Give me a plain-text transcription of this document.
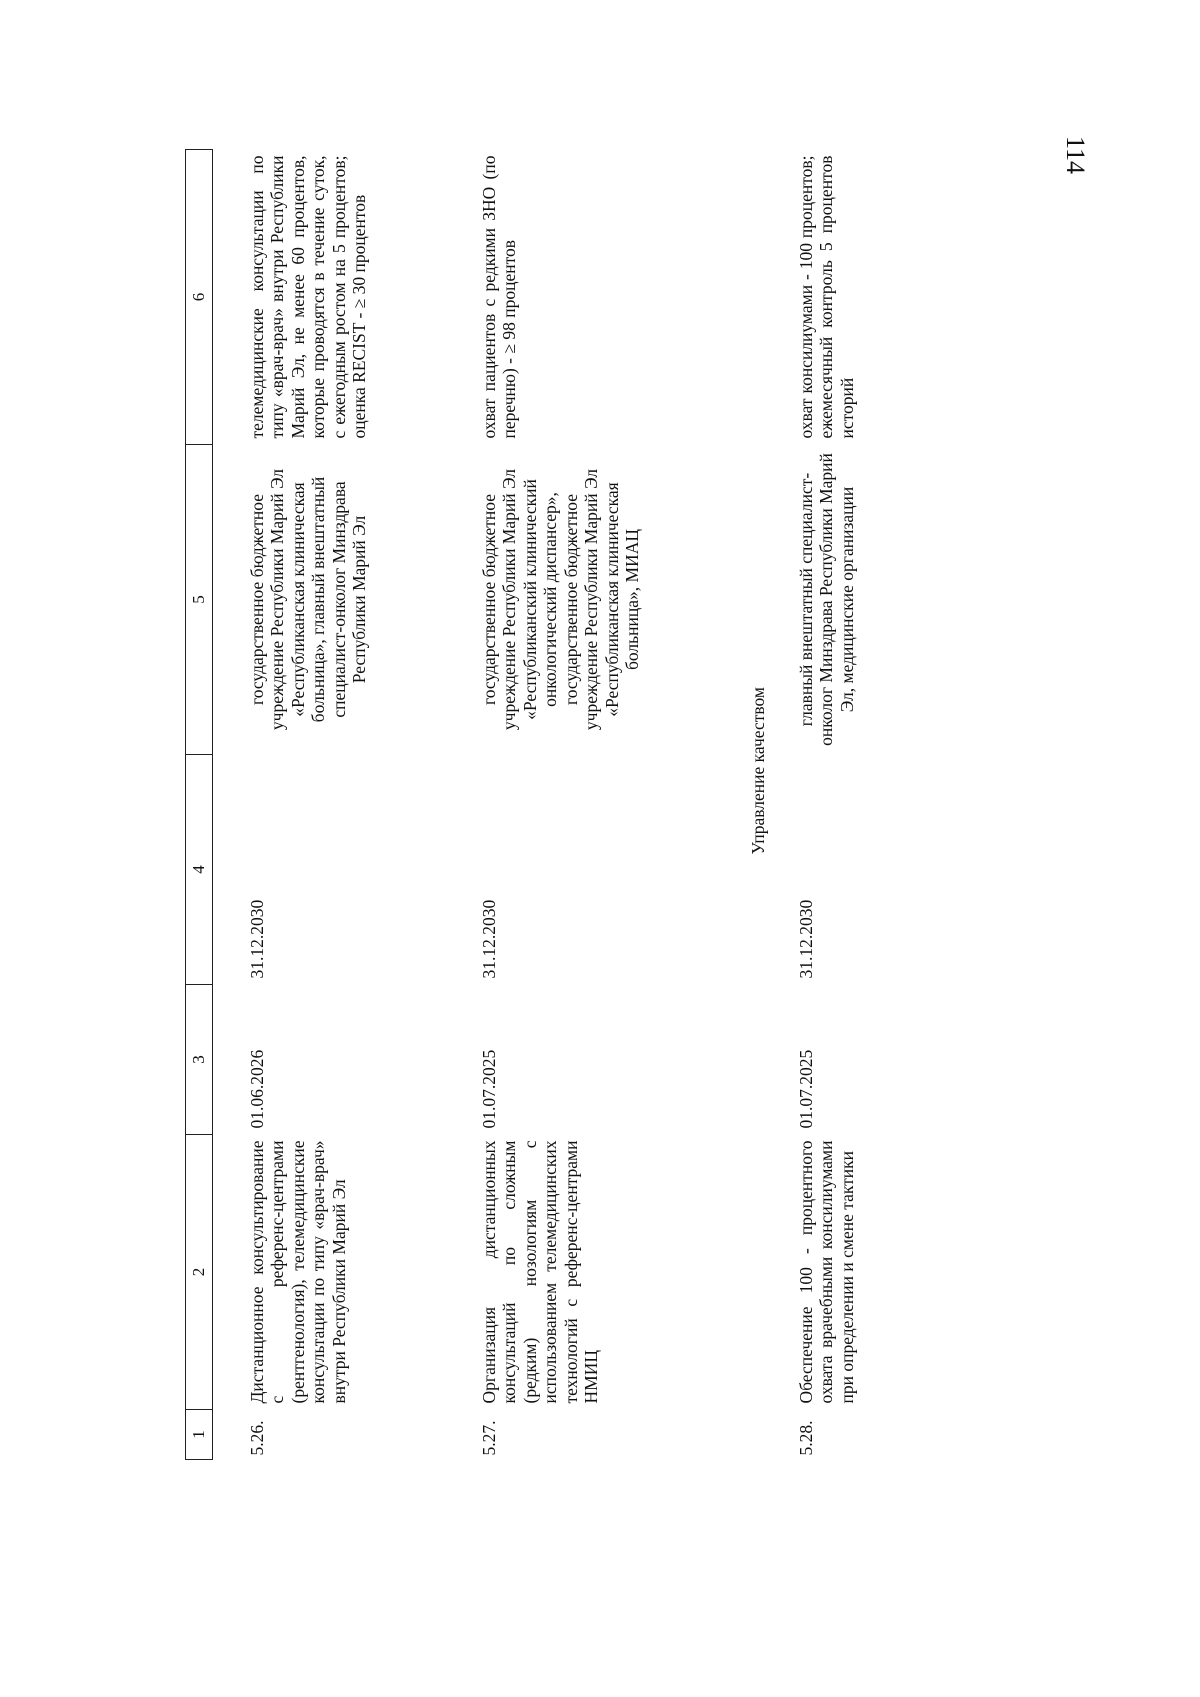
114
1	2	3	4	5	6
5.26.	Дистанционное консультирование с референс-центрами (рентгенология), телемедицинские консультации по типу «врач-врач» внутри Республики Марий Эл	01.06.2026	31.12.2030	государственное бюджетное учреждение Республики Марий Эл «Республиканская клиническая больница», главный внештатный специалист-онколог Минздрава Республики Марий Эл	телемедицинские консультации по типу «врач-врач» внутри Республики Марий Эл, не менее 60 процентов, которые проводятся в течение суток, с ежегодным ростом на 5 процентов; оценка RECIST - ≥ 30 процентов
5.27.	Организация дистанционных консультаций по сложным (редким) нозологиям с использованием телемедицинских технологий с референс-центрами НМИЦ	01.07.2025	31.12.2030	государственное бюджетное учреждение Республики Марий Эл «Республиканский клинический онкологический диспансер», государственное бюджетное учреждение Республики Марий Эл «Республиканская клиническая больница», МИАЦ	охват пациентов с редкими ЗНО (по перечню) - ≥ 98 процентов
Управление качеством					
5.28.	Обеспечение 100 - процентного охвата врачебными консилиумами при определении и смене тактики	01.07.2025	31.12.2030	главный внештатный специалист-онколог Минздрава Республики Марий Эл, медицинские организации	охват консилиумами - 100 процентов; ежемесячный контроль 5 процентов историй
